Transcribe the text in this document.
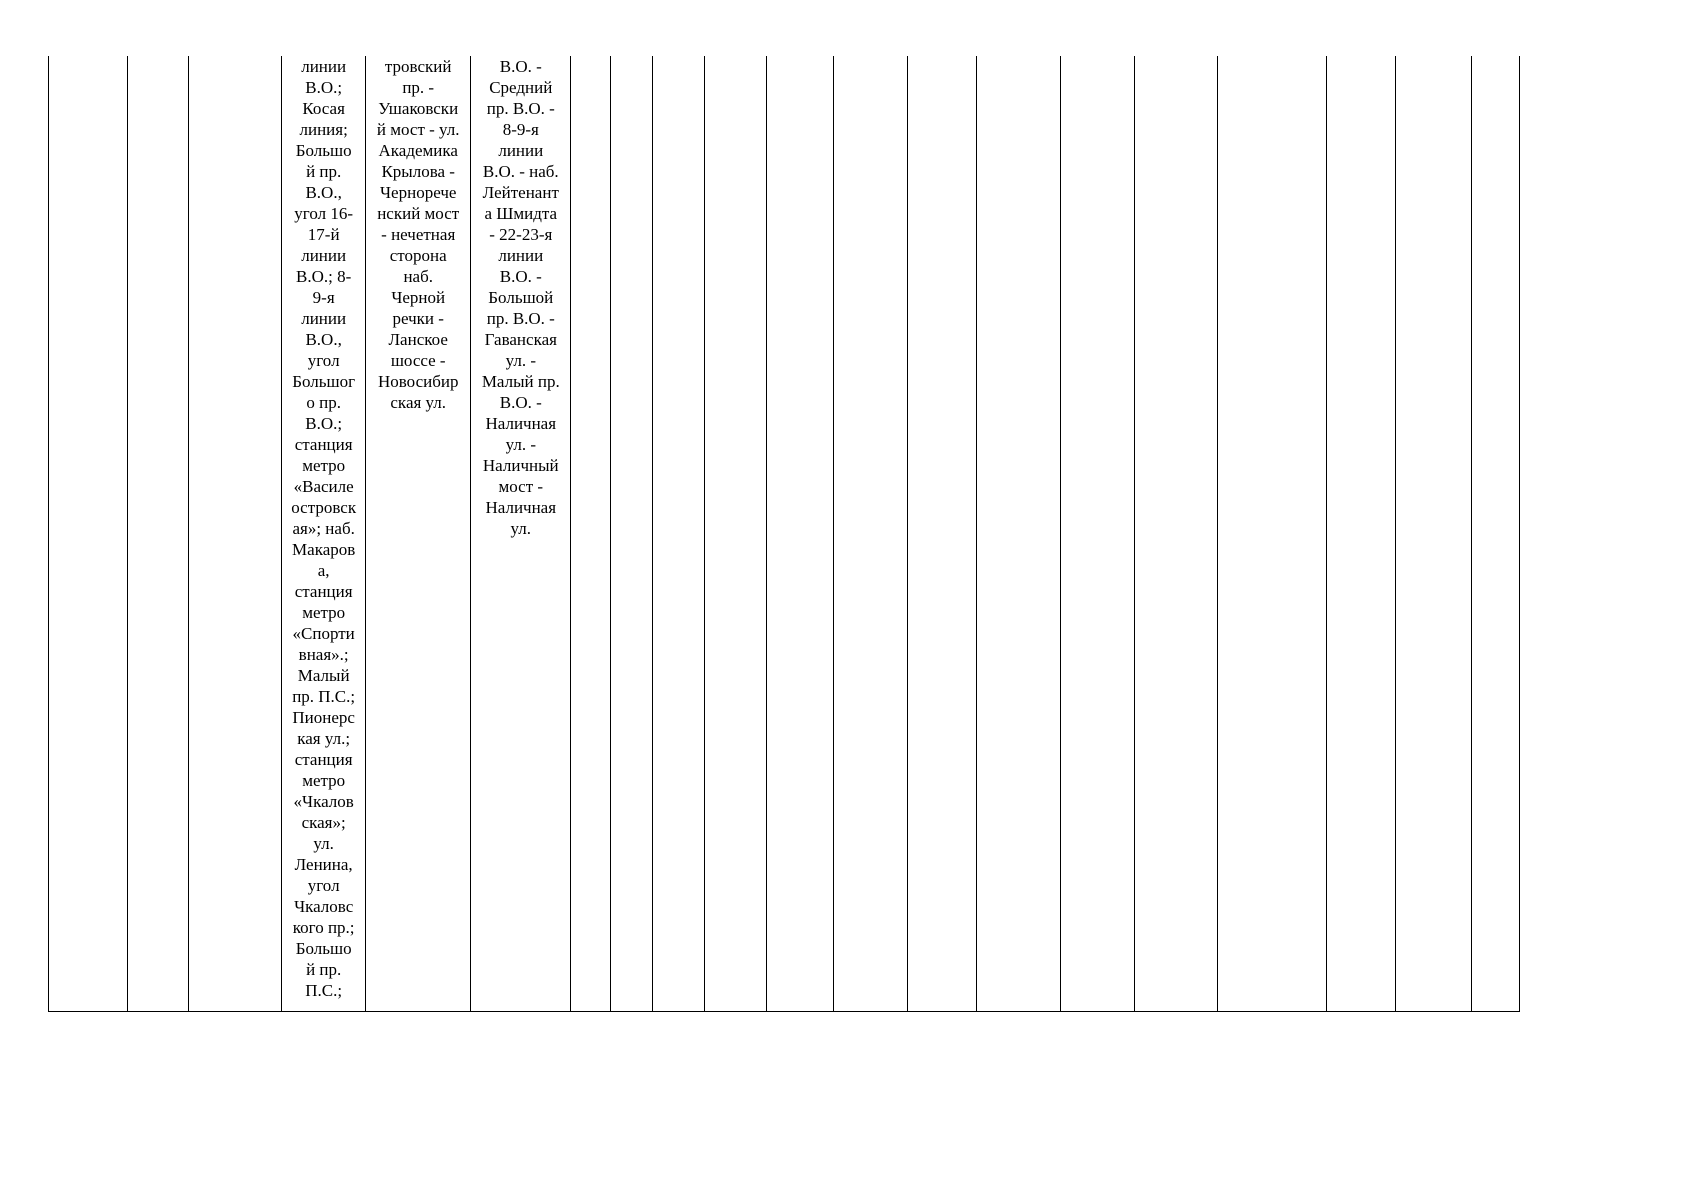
			линии
В.О.;
Косая
линия;
Большо
й пр.
В.О.,
угол 16-
17-й
линии
В.О.; 8-
9-я
линии
В.О.,
угол
Большог
о пр.
В.О.;
станция
метро
«Василе
островск
ая»; наб.
Макаров
а,
станция
метро
«Спорти
вная».;
Малый
пр. П.С.;
Пионерс
кая ул.;
станция
метро
«Чкалов
ская»;
ул.
Ленина,
угол
Чкаловс
кого пр.;
Большо
й пр.
П.С.;	тровский
пр. -
Ушаковски
й мост - ул.
Академика
Крылова -
Чернорече
нский мост
- нечетная
сторона
наб.
Черной
речки -
Ланское
шоссе -
Новосибир
ская ул.	В.О. -
Средний
пр. В.О. -
8-9-я
линии
В.О. - наб.
Лейтенант
а Шмидта
- 22-23-я
линии
В.О. -
Большой
пр. В.О. -
Гаванская
ул. -
Малый пр.
В.О. -
Наличная
ул. -
Наличный
мост -
Наличная
ул.														
